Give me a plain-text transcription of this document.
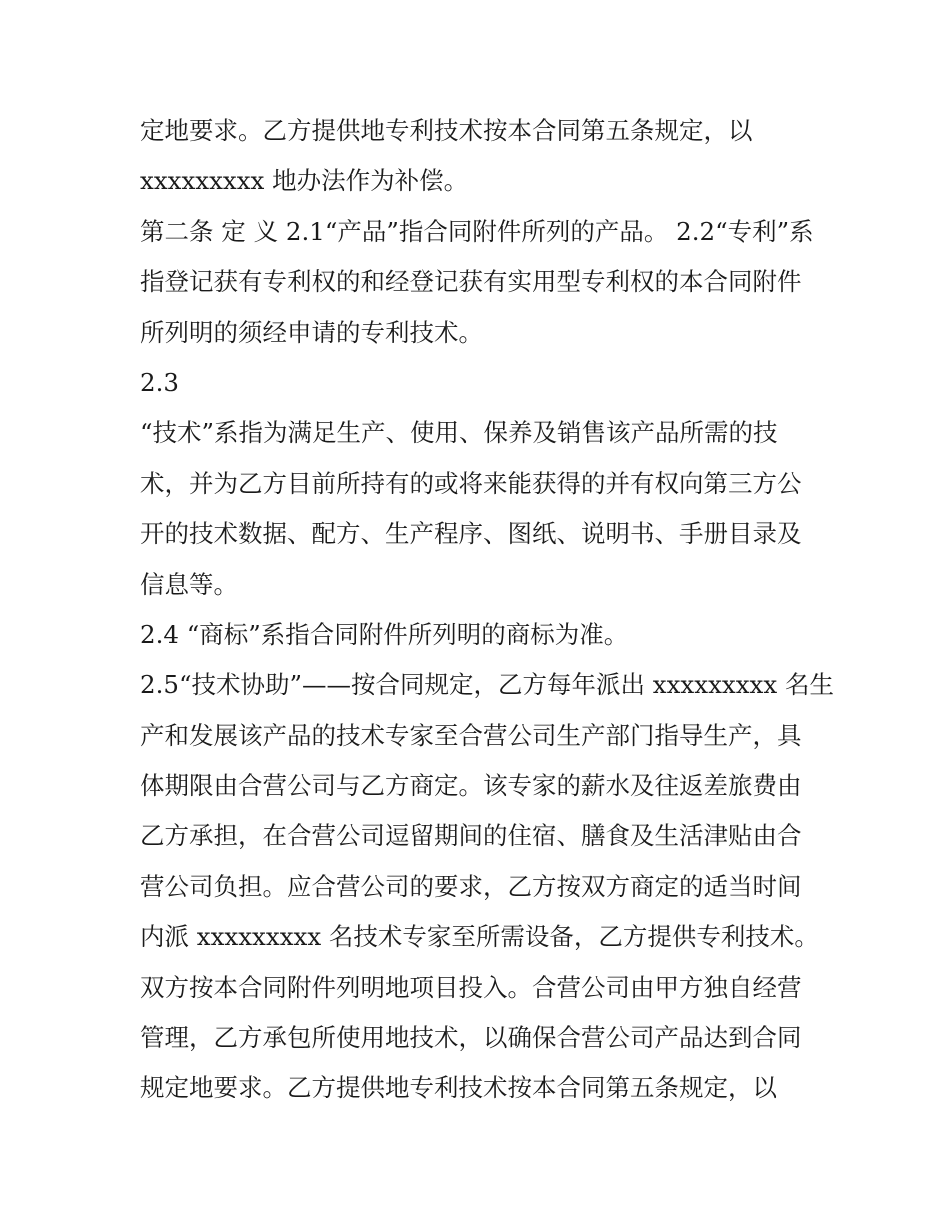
定地要求。乙方提供地专利技术按本合同第五条规定，以
xxxxxxxxx 地办法作为补偿。
第二条 定 义 2.1“产品”指合同附件所列的产品。 2.2“专利”系
指登记获有专利权的和经登记获有实用型专利权的本合同附件
所列明的须经申请的专利技术。
2.3
“技术”系指为满足生产、使用、保养及销售该产品所需的技
术，并为乙方目前所持有的或将来能获得的并有权向第三方公
开的技术数据、配方、生产程序、图纸、说明书、手册目录及
信息等。
2.4 “商标”系指合同附件所列明的商标为准。
2.5“技术协助”——按合同规定，乙方每年派出 xxxxxxxxx 名生
产和发展该产品的技术专家至合营公司生产部门指导生产，具
体期限由合营公司与乙方商定。该专家的薪水及往返差旅费由
乙方承担，在合营公司逗留期间的住宿、膳食及生活津贴由合
营公司负担。应合营公司的要求，乙方按双方商定的适当时间
内派 xxxxxxxxx 名技术专家至所需设备，乙方提供专利技术。
双方按本合同附件列明地项目投入。合营公司由甲方独自经营
管理，乙方承包所使用地技术，以确保合营公司产品达到合同
规定地要求。乙方提供地专利技术按本合同第五条规定，以
